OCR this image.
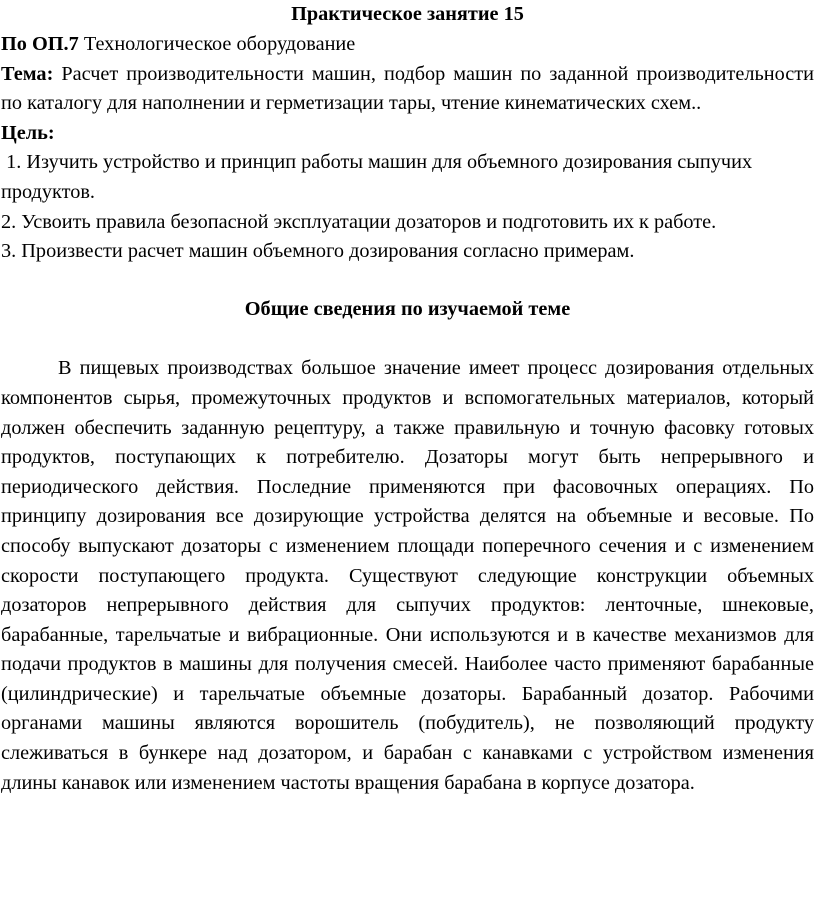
Практическое занятие 15

По ОП.7 Технологическое оборудование

Тема: Расчет производительности машин, подбор машин по заданной производительности по каталогу для наполнении и герметизации тары, чтение кинематических схем..

Цель:

1. Изучить устройство и принцип работы машин для объемного дозирования сыпучих продуктов.

2. Усвоить правила безопасной эксплуатации дозаторов и подготовить их к работе.

3. Произвести расчет машин объемного дозирования согласно примерам.

Общие сведения по изучаемой теме

В пищевых производствах большое значение имеет процесс дозирования отдельных компонентов сырья, промежуточных продуктов и вспомогательных материалов, который должен обеспечить заданную рецептуру, а также правильную и точную фасовку готовых продуктов, поступающих к потребителю. Дозаторы могут быть непрерывного и периодического действия. Последние применяются при фасовочных операциях. По принципу дозирования все дозирующие устройства делятся на объемные и весовые. По способу выпускают дозаторы с изменением площади поперечного сечения и с изменением скорости поступающего продукта. Существуют следующие конструкции объемных дозаторов непрерывного действия для сыпучих продуктов: ленточные, шнековые, барабанные, тарельчатые и вибрационные. Они используются и в качестве механизмов для подачи продуктов в машины для получения смесей. Наиболее часто применяют барабанные (цилиндрические) и тарельчатые объемные дозаторы. Барабанный дозатор. Рабочими органами машины являются ворошитель (побудитель), не позволяющий продукту слеживаться в бункере над дозатором, и барабан с канавками с устройством изменения длины канавок или изменением частоты вращения барабана в корпусе дозатора.
